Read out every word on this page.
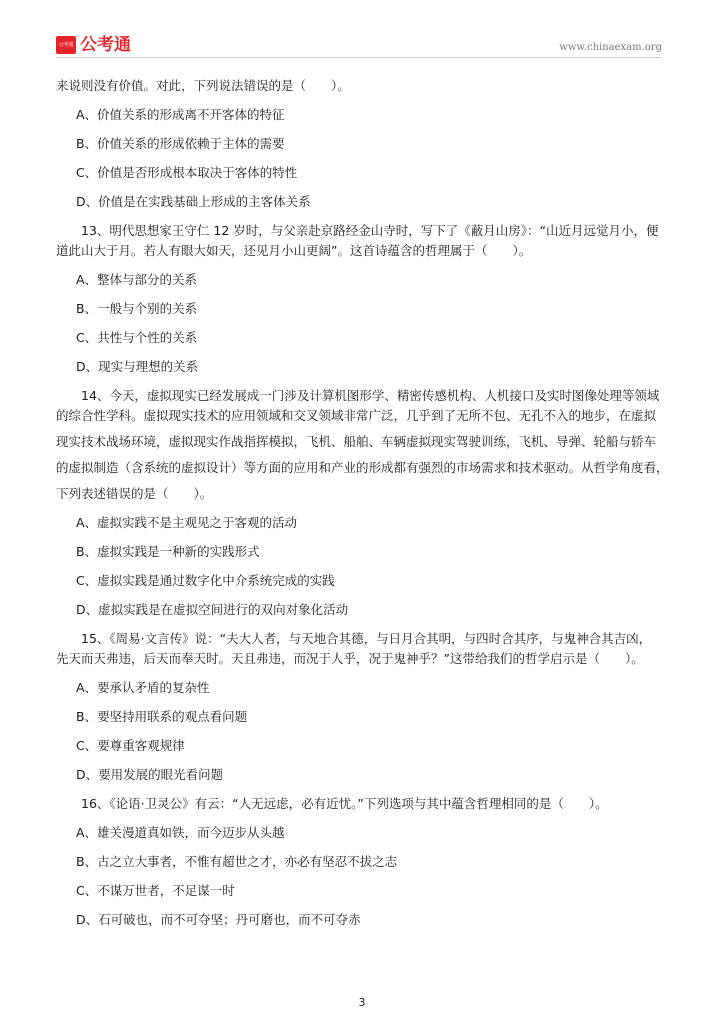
公考通 公考通	www.chinaexam.org

来说则没有价值。对此，下列说法错误的是（　　）。

A、价值关系的形成离不开客体的特征

B、价值关系的形成依赖于主体的需要

C、价值是否形成根本取决于客体的特性

D、价值是在实践基础上形成的主客体关系

13、明代思想家王守仁 12 岁时，与父亲赴京路经金山寺时，写下了《蔽月山房》：“山近月远觉月小，便

道此山大于月。若人有眼大如天，还见月小山更阔”。这首诗蕴含的哲理属于（　　）。

A、整体与部分的关系

B、一般与个别的关系

C、共性与个性的关系

D、现实与理想的关系

14、今天，虚拟现实已经发展成一门涉及计算机图形学、精密传感机构、人机接口及实时图像处理等领域

的综合性学科。虚拟现实技术的应用领域和交叉领域非常广泛，几乎到了无所不包、无孔不入的地步，在虚拟

现实技术战场环境，虚拟现实作战指挥模拟，飞机、船舶、车辆虚拟现实驾驶训练，飞机、导弹、轮船与轿车

的虚拟制造（含系统的虚拟设计）等方面的应用和产业的形成都有强烈的市场需求和技术驱动。从哲学角度看，

下列表述错误的是（　　）。

A、虚拟实践不是主观见之于客观的活动

B、虚拟实践是一种新的实践形式

C、虚拟实践是通过数字化中介系统完成的实践

D、虚拟实践是在虚拟空间进行的双向对象化活动

15、《周易·文言传》说：“夫大人者，与天地合其德，与日月合其明，与四时合其序，与鬼神合其吉凶，

先天而天弗违，后天而奉天时。天且弗违，而况于人乎，况于鬼神乎？”这带给我们的哲学启示是（　　）。

A、要承认矛盾的复杂性

B、要坚持用联系的观点看问题

C、要尊重客观规律

D、要用发展的眼光看问题

16、《论语·卫灵公》有云：“人无远虑，必有近忧。”下列选项与其中蕴含哲理相同的是（　　）。

A、雄关漫道真如铁，而今迈步从头越

B、古之立大事者，不惟有超世之才，亦必有坚忍不拔之志

C、不谋万世者，不足谋一时

D、石可破也，而不可夺坚；丹可磨也，而不可夺赤

3
